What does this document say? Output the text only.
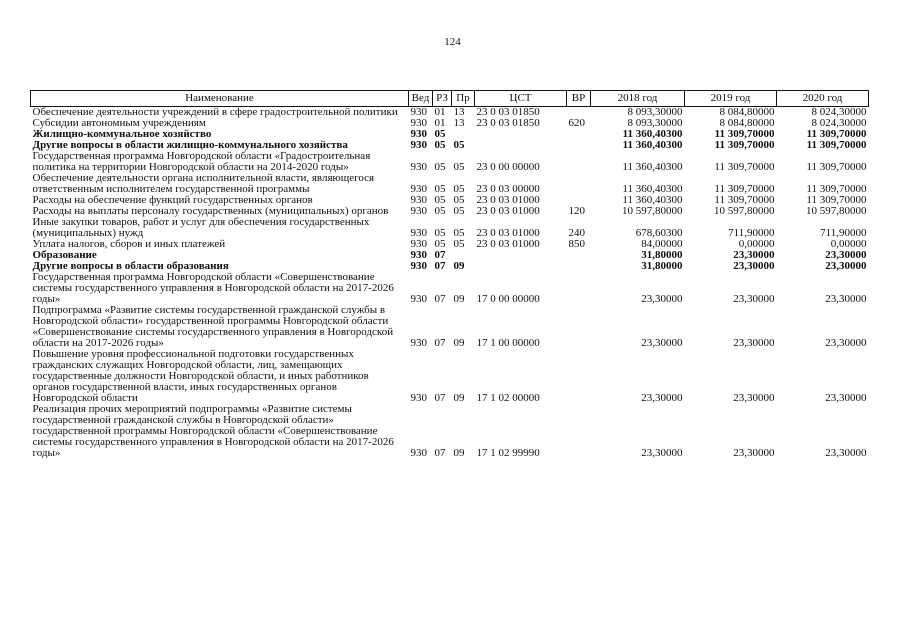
124
Наименование	Вед	РЗ	Пр	ЦСТ	ВР	2018 год	2019 год	2020 год
Обеспечение деятельности учреждений в сфере градостроительной политики	930	01	13	23 0 03 01850		8 093,30000	8 084,80000	8 024,30000
Субсидии автономным учреждениям	930	01	13	23 0 03 01850	620	8 093,30000	8 084,80000	8 024,30000
Жилищно-коммунальное хозяйство	930	05				11 360,40300	11 309,70000	11 309,70000
Другие вопросы в области жилищно-коммунального хозяйства	930	05	05			11 360,40300	11 309,70000	11 309,70000
Государственная программа Новгородской области «Градостроительная политика на территории Новгородской области на 2014-2020 годы»	930	05	05	23 0 00 00000		11 360,40300	11 309,70000	11 309,70000
Обеспечение деятельности органа исполнительной власти, являющегося ответственным исполнителем государственной программы	930	05	05	23 0 03 00000		11 360,40300	11 309,70000	11 309,70000
Расходы на обеспечение функций государственных органов	930	05	05	23 0 03 01000		11 360,40300	11 309,70000	11 309,70000
Расходы на выплаты персоналу государственных (муниципальных) органов	930	05	05	23 0 03 01000	120	10 597,80000	10 597,80000	10 597,80000
Иные закупки товаров, работ и услуг для обеспечения государственных (муниципальных) нужд	930	05	05	23 0 03 01000	240	678,60300	711,90000	711,90000
Уплата налогов, сборов и иных платежей	930	05	05	23 0 03 01000	850	84,00000	0,00000	0,00000
Образование	930	07				31,80000	23,30000	23,30000
Другие вопросы в области образования	930	07	09			31,80000	23,30000	23,30000
Государственная программа Новгородской области «Совершенствование системы государственного управления в Новгородской области на 2017-2026 годы»	930	07	09	17 0 00 00000		23,30000	23,30000	23,30000
Подпрограмма «Развитие системы государственной гражданской службы в Новгородской области» государственной программы Новгородской области «Совершенствование системы государственного управления в Новгородской области на 2017-2026 годы»	930	07	09	17 1 00 00000		23,30000	23,30000	23,30000
Повышение уровня профессиональной подготовки государственных гражданских служащих Новгородской области, лиц, замещающих государственные должности Новгородской области, и иных работников органов государственной власти, иных государственных органов Новгородской области	930	07	09	17 1 02 00000		23,30000	23,30000	23,30000
Реализация прочих мероприятий подпрограммы «Развитие системы государственной гражданской службы в Новгородской области» государственной программы Новгородской области «Совершенствование системы государственного управления в Новгородской области на 2017-2026 годы»	930	07	09	17 1 02 99990		23,30000	23,30000	23,30000
